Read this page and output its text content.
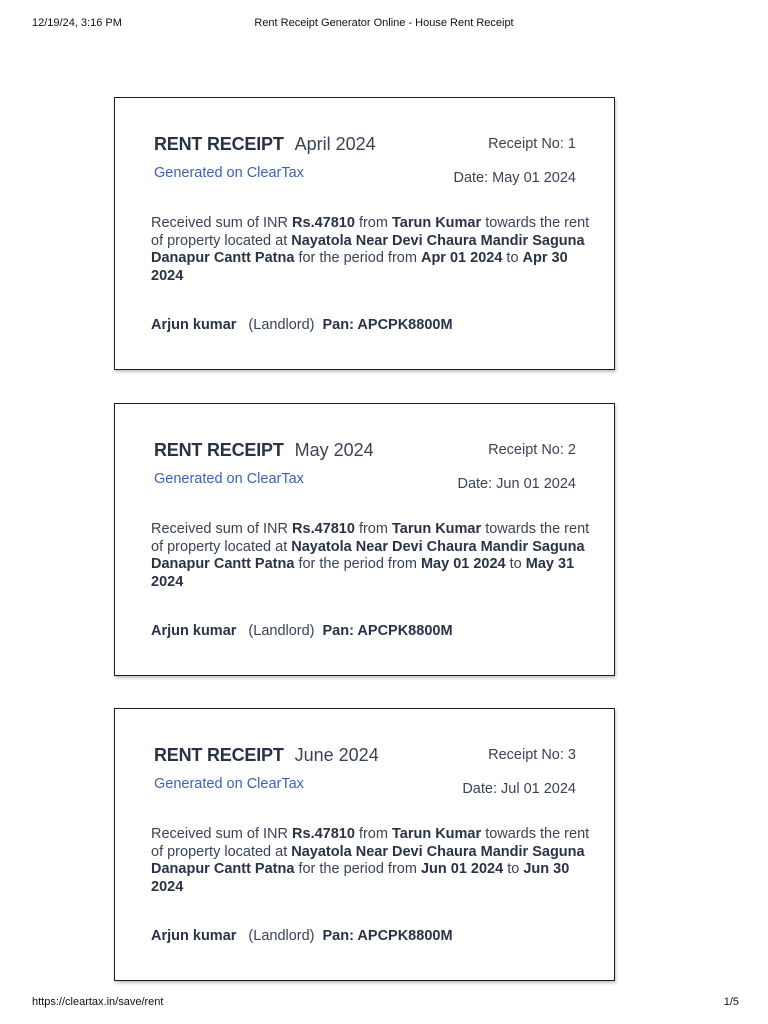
12/19/24, 3:16 PM	Rent Receipt Generator Online - House Rent Receipt
RENT RECEIPT April 2024
Generated on ClearTax
Receipt No: 1
Date: May 01 2024
Received sum of INR Rs.47810 from Tarun Kumar towards the rent of property located at Nayatola Near Devi Chaura Mandir Saguna Danapur Cantt Patna for the period from Apr 01 2024 to Apr 30 2024
Arjun kumar (Landlord) Pan: APCPK8800M
RENT RECEIPT May 2024
Generated on ClearTax
Receipt No: 2
Date: Jun 01 2024
Received sum of INR Rs.47810 from Tarun Kumar towards the rent of property located at Nayatola Near Devi Chaura Mandir Saguna Danapur Cantt Patna for the period from May 01 2024 to May 31 2024
Arjun kumar (Landlord) Pan: APCPK8800M
RENT RECEIPT June 2024
Generated on ClearTax
Receipt No: 3
Date: Jul 01 2024
Received sum of INR Rs.47810 from Tarun Kumar towards the rent of property located at Nayatola Near Devi Chaura Mandir Saguna Danapur Cantt Patna for the period from Jun 01 2024 to Jun 30 2024
Arjun kumar (Landlord) Pan: APCPK8800M
https://cleartax.in/save/rent	1/5
